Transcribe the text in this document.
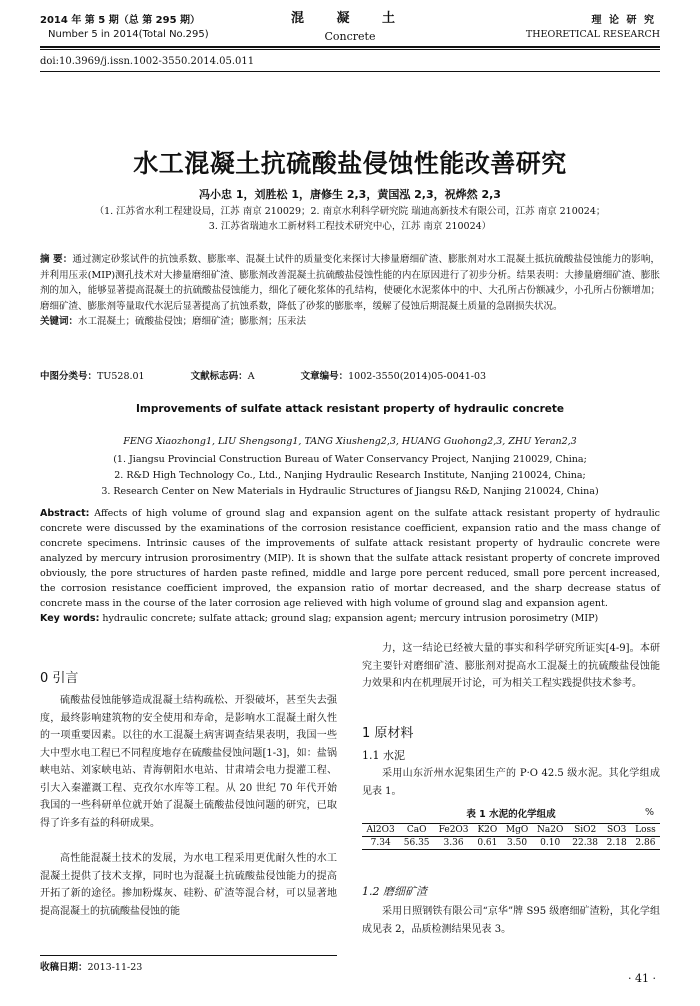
2014 年 第 5 期（总 第 295 期）
Number 5 in 2014(Total No.295)
混 凝 土
Concrete
理 论 研 究
THEORETICAL RESEARCH
doi:10.3969/j.issn.1002-3550.2014.05.011
水工混凝土抗硫酸盐侵蚀性能改善研究
冯小忠 1，刘胜松 1，唐修生 2,3，黄国泓 2,3，祝烨然 2,3
（1. 江苏省水利工程建设局，江苏 南京 210029；2. 南京水利科学研究院 瑞迪高新技术有限公司，江苏 南京 210024；
3. 江苏省瑞迪水工新材料工程技术研究中心，江苏 南京 210024）
摘 要：通过测定砂浆试件的抗蚀系数、膨胀率、混凝土试件的质量变化来探讨大掺量磨细矿渣、膨胀剂对水工混凝土抵抗硫酸盐侵蚀能力的影响，并利用压汞(MIP)测孔技术对大掺量磨细矿渣、膨胀剂改善混凝土抗硫酸盐侵蚀性能的内在原因进行了初步分析。结果表明：大掺量磨细矿渣、膨胀剂的加入，能够显著提高混凝土的抗硫酸盐侵蚀能力，细化了硬化浆体的孔结构，使硬化水泥浆体中的中、大孔所占份额减少，小孔所占份额增加；磨细矿渣、膨胀剂等量取代水泥后显著提高了抗蚀系数，降低了砂浆的膨胀率，缓解了侵蚀后期混凝土质量的急剧损失状况。
关键词：水工混凝土；硫酸盐侵蚀；磨细矿渣；膨胀剂；压汞法
中图分类号：TU528.01	文献标志码：A	文章编号：1002-3550(2014)05-0041-03
Improvements of sulfate attack resistant property of hydraulic concrete
FENG Xiaozhong1, LIU Shengsong1, TANG Xiusheng2,3, HUANG Guohong2,3, ZHU Yeran2,3
(1. Jiangsu Provincial Construction Bureau of Water Conservancy Project, Nanjing 210029, China;
2. R&D High Technology Co., Ltd., Nanjing Hydraulic Research Institute, Nanjing 210024, China;
3. Research Center on New Materials in Hydraulic Structures of Jiangsu R&D, Nanjing 210024, China)
Abstract: Affects of high volume of ground slag and expansion agent on the sulfate attack resistant property of hydraulic concrete were discussed by the examinations of the corrosion resistance coefficient, expansion ratio and the mass change of concrete specimens. Intrinsic causes of the improvements of sulfate attack resistant property of hydraulic concrete were analyzed by mercury intrusion prorosimentry (MIP). It is shown that the sulfate attack resistant property of concrete improved obviously, the pore structures of harden paste refined, middle and large pore percent reduced, small pore percent increased, the corrosion resistance coefficient improved, the expansion ratio of mortar decreased, and the sharp decrease status of concrete mass in the course of the later corrosion age relieved with high volume of ground slag and expansion agent.
Key words: hydraulic concrete; sulfate attack; ground slag; expansion agent; mercury intrusion porosimetry (MIP)
0 引言
硫酸盐侵蚀能够造成混凝土结构疏松、开裂破坏，甚至失去强度，最终影响建筑物的安全使用和寿命，是影响水工混凝土耐久性的一项重要因素。以往的水工混凝土病害调查结果表明，我国一些大中型水电工程已不同程度地存在硫酸盐侵蚀问题[1-3]，如：盐锅峡电站、刘家峡电站、青海朝阳水电站、甘肃靖会电力提灌工程、引大入秦灌溉工程、克孜尔水库等工程。从 20 世纪 70 年代开始我国的一些科研单位就开始了混凝土硫酸盐侵蚀问题的研究，已取得了许多有益的科研成果。
高性能混凝土技术的发展，为水电工程采用更优耐久性的水工混凝土提供了技术支撑，同时也为混凝土抗硫酸盐侵蚀能力的提高开拓了新的途径。掺加粉煤灰、硅粉、矿渣等混合材，可以显著地提高混凝土的抗硫酸盐侵蚀的能
收稿日期：2013-11-23
力，这一结论已经被大量的事实和科学研究所证实[4-9]。本研究主要针对磨细矿渣、膨胀剂对提高水工混凝土的抗硫酸盐侵蚀能力效果和内在机理展开讨论，可为相关工程实践提供技术参考。
1 原材料
1.1 水泥
采用山东沂州水泥集团生产的 P·O 42.5 级水泥。其化学组成见表 1。
表 1 水泥的化学组成	%
Al2O3	CaO	Fe2O3	K2O	MgO	Na2O	SiO2	SO3	Loss
7.34	56.35	3.36	0.61	3.50	0.10	22.38	2.18	2.86
1.2 磨细矿渣
采用日照钢铁有限公司“京华”牌 S95 级磨细矿渣粉，其化学组成见表 2，品质检测结果见表 3。
· 41 ·
